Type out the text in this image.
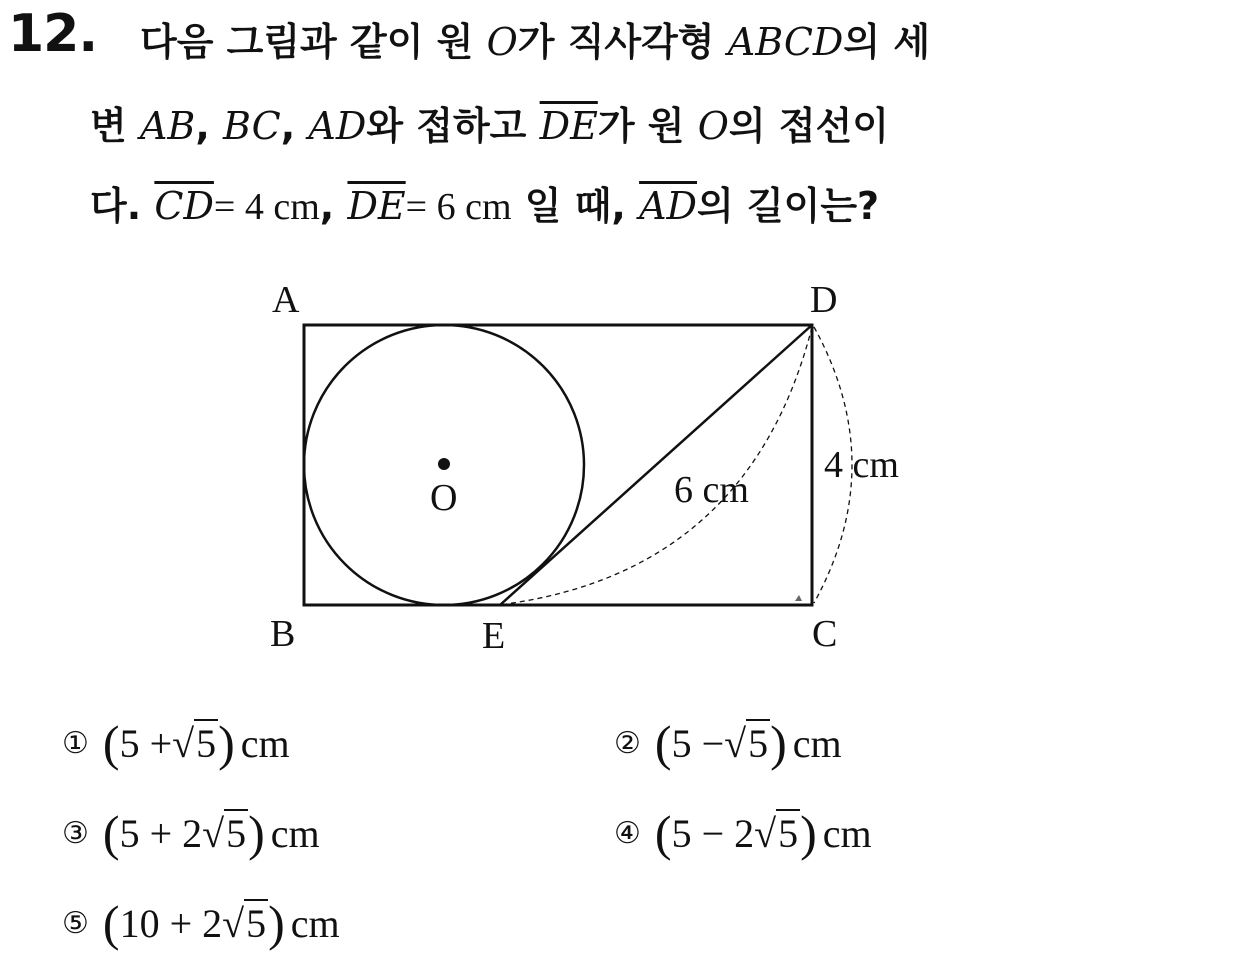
12. 다음 그림과 같이 원 O가 직사각형 ABCD의 세
변 AB, BC, AD와 접하고 $\overline{DE}$가 원 O의 접선이
다. $\overline{CD}= 4$ cm, $\overline{DE}= 6$ cm 일 때, $\overline{AD}$의 길이는?
A	D
B	E	C
O	6 cm
4 cm
① (5 +√5) cm	② (5 −√5) cm
③ (5 + 2√5) cm	④ (5 − 2√5) cm
⑤ (10 + 2√5) cm
